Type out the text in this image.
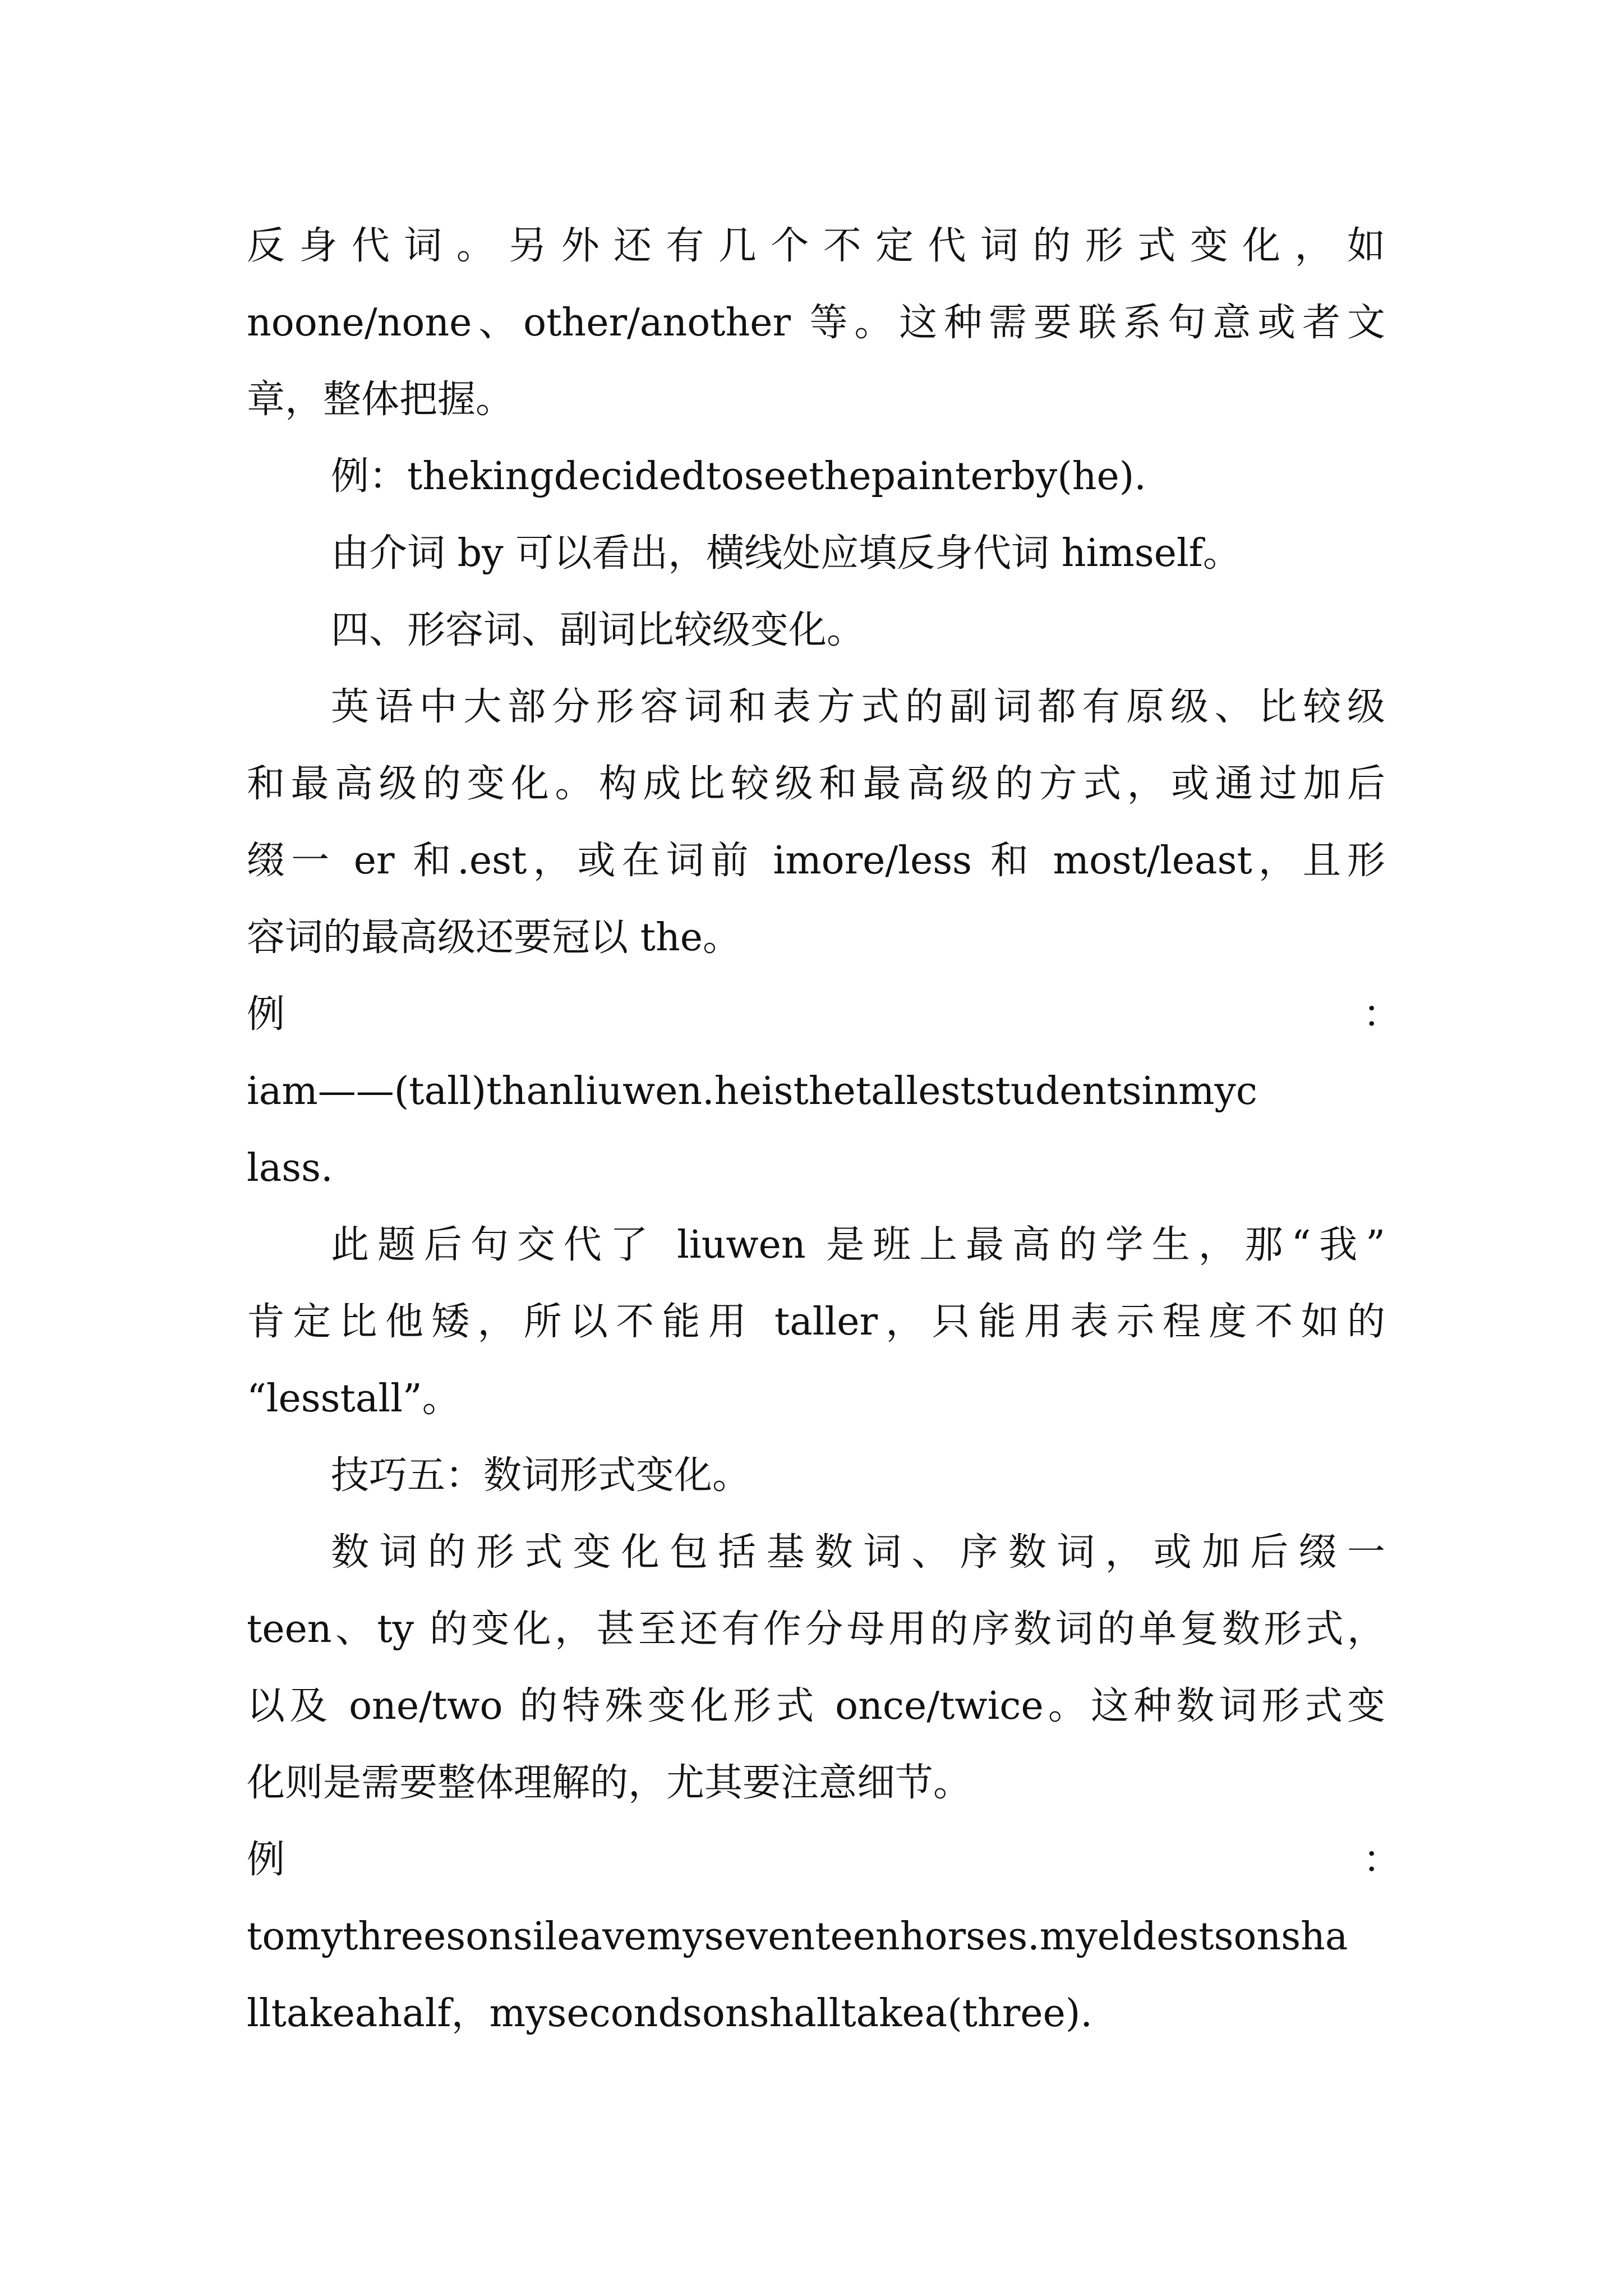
反身代词。另外还有几个不定代词的形式变化，如
noone/none、other/another 等。这种需要联系句意或者文
章，整体把握。
例：thekingdecidedtoseethepainterby(he).
由介词 by 可以看出，横线处应填反身代词 himself。
四、形容词、副词比较级变化。
英语中大部分形容词和表方式的副词都有原级、比较级
和最高级的变化。构成比较级和最高级的方式，或通过加后
缀一 er 和.est，或在词前 imore/less 和 most/least，且形
容词的最高级还要冠以 the。
例	：
iam——(tall)thanliuwen.heisthetalleststudentsinmyc
lass.
此题后句交代了 liuwen 是班上最高的学生，那“我”
肯定比他矮，所以不能用 taller，只能用表示程度不如的
“lesstall”。
技巧五：数词形式变化。
数词的形式变化包括基数词、序数词，或加后缀一
teen、ty 的变化，甚至还有作分母用的序数词的单复数形式，
以及 one/two 的特殊变化形式 once/twice。这种数词形式变
化则是需要整体理解的，尤其要注意细节。
例	：
tomythreesonsileavemyseventeenhorses.myeldestsonsha
lltakeahalf，mysecondsonshalltakea(three).
